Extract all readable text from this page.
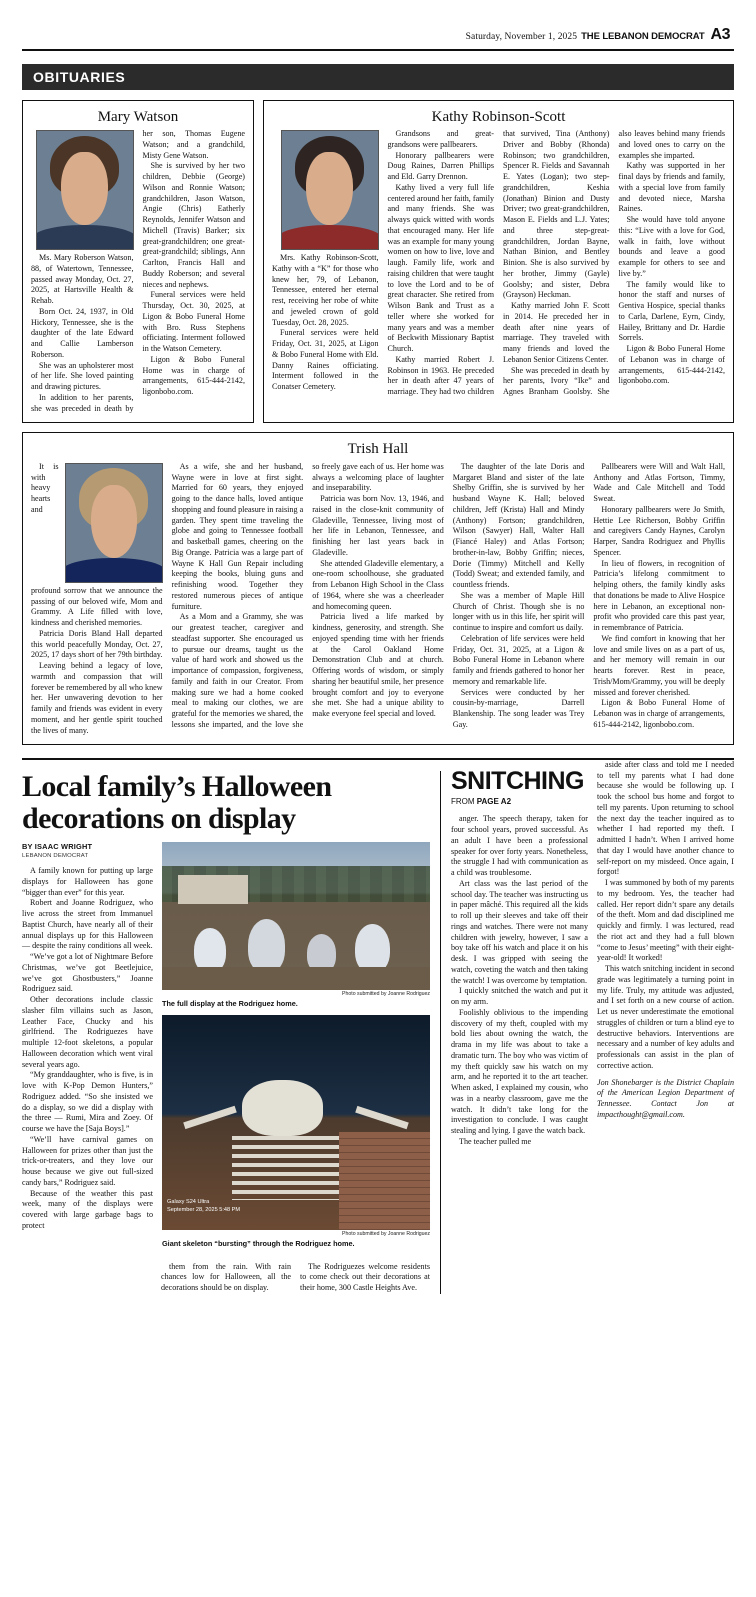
Saturday, November 1, 2025 THE LEBANON DEMOCRAT A3
OBITUARIES
Mary Watson

Ms. Mary Roberson Watson, 88, of Watertown, Tennessee, passed away Monday, Oct. 27, 2025, at Hartsville Health & Rehab.

Born Oct. 24, 1937, in Old Hickory, Tennessee, she is the daughter of the late Edward and Callie Lamberson Roberson.

She was an upholsterer most of her life. She loved painting and drawing pictures.

In addition to her parents, she was preceded in death by her son, Thomas Eugene Watson; and a grandchild, Misty Gene Watson.

She is survived by her two children, Debbie (George) Wilson and Ronnie Watson; grandchildren, Jason Watson, Angie (Chris) Eatherly Reynolds, Jennifer Watson and Michell (Travis) Barker; six great-grandchildren; one great-great-grandchild; siblings, Ann Carlton, Francis Hall and Buddy Roberson; and several nieces and nephews.

Funeral services were held Thursday, Oct. 30, 2025, at Ligon & Bobo Funeral Home with Bro. Russ Stephens officiating. Interment followed in the Watson Cemetery.

Ligon & Bobo Funeral Home was in charge of arrangements, 615-444-2142, ligonbobo.com.

Kathy Robinson-Scott

Mrs. Kathy Robinson-Scott, Kathy with a “K” for those who knew her, 79, of Lebanon, Tennessee, entered her eternal rest, receiving her robe of white and jeweled crown of gold Tuesday, Oct. 28, 2025.

Funeral services were held Friday, Oct. 31, 2025, at Ligon & Bobo Funeral Home with Eld. Danny Raines officiating. Interment followed in the Conatser Cemetery.

Grandsons and great-grandsons were pallbearers.

Honorary pallbearers were Doug Raines, Darren Phillips and Eld. Garry Drennon.

Kathy lived a very full life centered around her faith, family and many friends. She was always quick witted with words that encouraged many. Her life was an example for many young women on how to live, love and laugh. Family life, work and raising children that were taught to love the Lord and to be of great character. She retired from Wilson Bank and Trust as a teller where she worked for many years and was a member of Beckwith Missionary Baptist Church.

Kathy married Robert J. Robinson in 1963. He preceded her in death after 47 years of marriage. They had two children that survived, Tina (Anthony) Driver and Bobby (Rhonda) Robinson; two grandchildren, Spencer R. Fields and Savannah E. Yates (Logan); two step-grandchildren, Keshia (Jonathan) Binion and Dusty Driver; two great-grandchildren, Mason E. Fields and L.J. Yates; and three step-great-grandchildren, Jordan Bayne, Nathan Binion, and Bentley Binion. She is also survived by her brother, Jimmy (Gayle) Goolsby; and sister, Debra (Grayson) Heckman.

Kathy married John F. Scott in 2014. He preceded her in death after nine years of marriage. They traveled with many friends and loved the Lebanon Senior Citizens Center.

She was preceded in death by her parents, Ivory “Ike” and Agnes Branham Goolsby. She also leaves behind many friends and loved ones to carry on the examples she imparted.

Kathy was supported in her final days by friends and family, with a special love from family and devoted niece, Marsha Raines.

She would have told anyone this: “Live with a love for God, walk in faith, love without bounds and leave a good example for others to see and live by.”

The family would like to honor the staff and nurses of Gentiva Hospice, special thanks to Carla, Darlene, Eyrn, Cindy, Hailey, Brittany and Dr. Hardie Sorrels.

Ligon & Bobo Funeral Home of Lebanon was in charge of arrangements, 615-444-2142, ligonbobo.com.

Trish Hall

It is with heavy hearts and profound sorrow that we announce the passing of our beloved wife, Mom and Grammy. A Life filled with love, kindness and cherished memories.

Patricia Doris Bland Hall departed this world peacefully Monday, Oct. 27, 2025, 17 days short of her 79th birthday.

Leaving behind a legacy of love, warmth and compassion that will forever be remembered by all who knew her. Her unwavering devotion to her family and friends was evident in every moment, and her gentle spirit touched the lives of many.

As a wife, she and her husband, Wayne were in love at first sight. Married for 60 years, they enjoyed going to the dance halls, loved antique shopping and found pleasure in raising a garden. They spent time traveling the globe and going to Tennessee football and basketball games, cheering on the Big Orange. Patricia was a large part of Wayne K Hall Gun Repair including keeping the books, bluing guns and refinishing wood. Together they restored numerous pieces of antique furniture.

As a Mom and a Grammy, she was our greatest teacher, caregiver and steadfast supporter. She encouraged us to pursue our dreams, taught us the value of hard work and showed us the importance of compassion, forgiveness, family and faith in our Creator. From making sure we had a home cooked meal to making our clothes, we are grateful for the memories we shared, the lessons she imparted, and the love she so freely gave each of us. Her home was always a welcoming place of laughter and inseparability.

Patricia was born Nov. 13, 1946, and raised in the close-knit community of Gladeville, Tennessee, living most of her life in Lebanon, Tennessee, and finishing her last years back in Gladeville.

She attended Gladeville elementary, a one-room schoolhouse, she graduated from Lebanon High School in the Class of 1964, where she was a cheerleader and homecoming queen.

Patricia lived a life marked by kindness, generosity, and strength. She enjoyed spending time with her friends at the Carol Oakland Home Demonstration Club and at church. Offering words of wisdom, or simply sharing her beautiful smile, her presence brought comfort and joy to everyone she met. She had a unique ability to make everyone feel special and loved.

The daughter of the late Doris and Margaret Bland and sister of the late Shelby Griffin, she is survived by her husband Wayne K. Hall; beloved children, Jeff (Krista) Hall and Mindy (Anthony) Fortson; grandchildren, Wilson (Sawyer) Hall, Walter Hall (Fiancé Haley) and Atlas Fortson; brother-in-law, Bobby Griffin; nieces, Dorie (Timmy) Mitchell and Kelly (Todd) Sweat; and extended family, and countless friends.

She was a member of Maple Hill Church of Christ. Though she is no longer with us in this life, her spirit will continue to inspire and comfort us daily.

Celebration of life services were held Friday, Oct. 31, 2025, at a Ligon & Bobo Funeral Home in Lebanon where family and friends gathered to honor her memory and remarkable life.

Services were conducted by her cousin-by-marriage, Darrell Blankenship. The song leader was Trey Gay.

Pallbearers were Will and Walt Hall, Anthony and Atlas Fortson, Timmy, Wade and Cale Mitchell and Todd Sweat.

Honorary pallbearers were Jo Smith, Hettie Lee Richerson, Bobby Griffin and caregivers Candy Haynes, Carolyn Harper, Sandra Rodriguez and Phyllis Spencer.

In lieu of flowers, in recognition of Patricia’s lifelong commitment to helping others, the family kindly asks that donations be made to Alive Hospice here in Lebanon, an exceptional non-profit who provided care this past year, in remembrance of Patricia.

We find comfort in knowing that her love and smile lives on as a part of us, and her memory will remain in our hearts forever. Rest in peace, Trish/Mom/Grammy, you will be deeply missed and forever cherished.

Ligon & Bobo Funeral Home of Lebanon was in charge of arrangements, 615-444-2142, ligonbobo.com.

Local family’s Halloween decorations on display
BY ISAAC WRIGHT
LEBANON DEMOCRAT

A family known for putting up large displays for Halloween has gone “bigger than ever” for this year.

Robert and Joanne Rodriguez, who live across the street from Immanuel Baptist Church, have nearly all of their annual displays up for this Halloween — despite the rainy conditions all week.

“We’ve got a lot of Nightmare Before Christmas, we’ve got Beetlejuice, we’ve got Ghostbusters,” Joanne Rodriguez said.

Other decorations include classic slasher film villains such as Jason, Leather Face, Chucky and his girlfriend. The Rodriguezes have multiple 12-foot skeletons, a popular Halloween decoration which went viral several years ago.

“My granddaughter, who is five, is in love with K-Pop Demon Hunters,” Rodriguez added. “So she insisted we do a display, so we did a display with the three — Rumi, Mira and Zoey. Of course we have the [Saja Boys].”

“We’ll have carnival games on Halloween for prizes other than just the trick-or-treaters, and they love our house because we give out full-sized candy bars,” Rodriguez said.

Because of the weather this past week, many of the displays were covered with large garbage bags to protect

Photo submitted by Joanne Rodriguez
The full display at the Rodriguez home.
Galaxy S24 Ultra
September 28, 2025 5:48 PM
Photo submitted by Joanne Rodriguez
Giant skeleton “bursting” through the Rodriguez home.

them from the rain. With rain chances low for Halloween, all the decorations should be on display.

The Rodriguezes welcome residents to come check out their decorations at their home, 300 Castle Heights Ave.

SNITCHING
FROM PAGE A2

anger. The speech therapy, taken for four school years, proved successful. As an adult I have been a professional speaker for over forty years. Nonetheless, the struggle I had with communication as a child was troublesome.

Art class was the last period of the school day. The teacher was instructing us in paper mâché. This required all the kids to roll up their sleeves and take off their rings and watches. There were not many children with jewelry, however, I saw a boy take off his watch and place it on his desk. I was gripped with seeing the watch, coveting the watch and then taking the watch! I was overcome by temptation.

I quickly snitched the watch and put it on my arm.

Foolishly oblivious to the impending discovery of my theft, coupled with my bold lies about owning the watch, the drama in my life was about to take a dramatic turn. The boy who was victim of my theft quickly saw his watch on my arm, and he reported it to the art teacher. When asked, I explained my cousin, who was in a nearby classroom, gave me the watch. It didn’t take long for the investigation to conclude. I was caught stealing and lying. I gave the watch back.

The teacher pulled me

aside after class and told me I needed to tell my parents what I had done because she would be following up. I took the school bus home and forgot to tell my parents. Upon returning to school the next day the teacher inquired as to whether I had reported my theft. I admitted I hadn’t. When I arrived home that day I would have another chance to self-report on my misdeed. Once again, I forgot!

I was summoned by both of my parents to my bedroom. Yes, the teacher had called. Her report didn’t spare any details of the theft. Mom and dad disciplined me quickly and firmly. I was lectured, read the riot act and they had a full blown “come to Jesus’ meeting” with their eight-year-old! It worked!

This watch snitching incident in second grade was legitimately a turning point in my life. Truly, my attitude was adjusted, and I set forth on a new course of action. Let us never underestimate the emotional struggles of children or turn a blind eye to destructive behaviors. Interventions are necessary and a number of key adults and professionals can assist in the plan of corrective action.

Jon Shonebarger is the District Chaplain of the American Legion Department of Tennessee. Contact Jon at impacthought@gmail.com.
